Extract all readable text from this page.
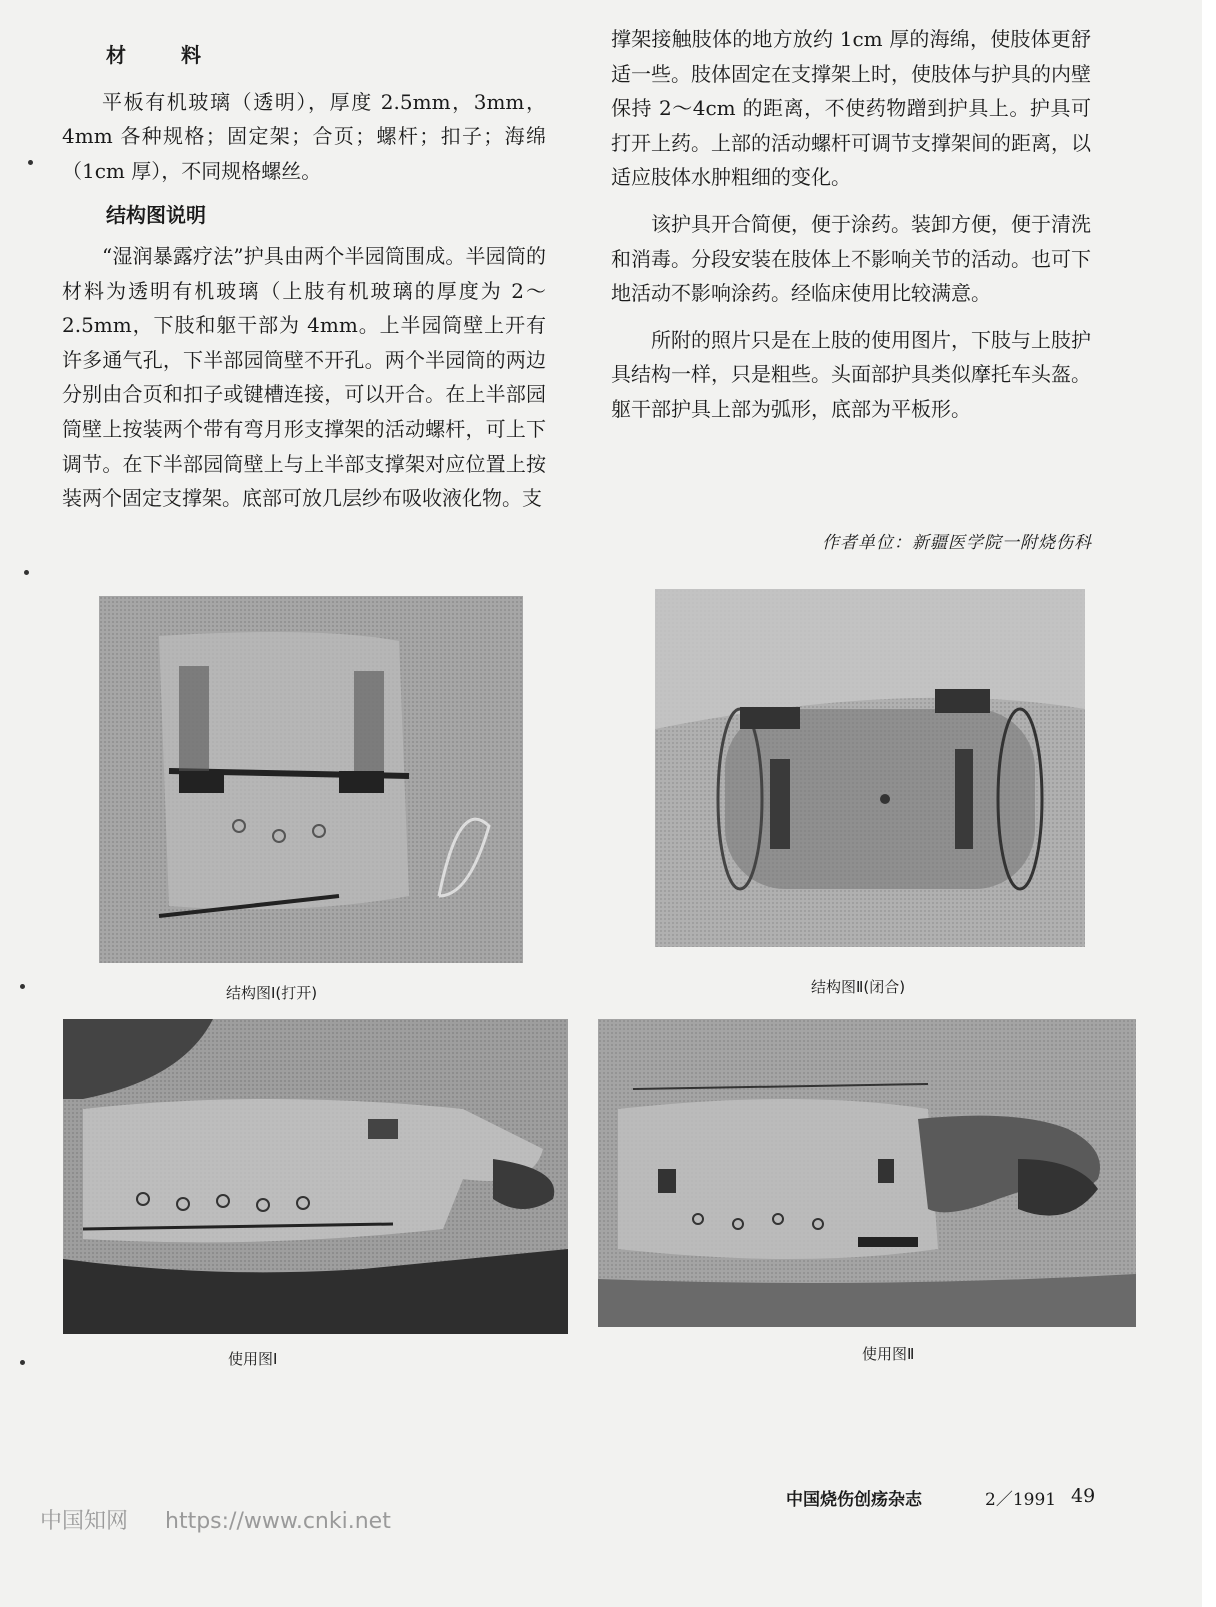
材 料

平板有机玻璃（透明），厚度 2.5mm，3mm，4mm 各种规格；固定架；合页；螺杆；扣子；海绵（1cm 厚），不同规格螺丝。

结构图说明

“湿润暴露疗法”护具由两个半园筒围成。半园筒的材料为透明有机玻璃（上肢有机玻璃的厚度为 2～2.5mm，下肢和躯干部为 4mm。上半园筒壁上开有许多通气孔，下半部园筒壁不开孔。两个半园筒的两边分别由合页和扣子或键槽连接，可以开合。在上半部园筒壁上按装两个带有弯月形支撑架的活动螺杆，可上下调节。在下半部园筒壁上与上半部支撑架对应位置上按装两个固定支撑架。底部可放几层纱布吸收液化物。支

撑架接触肢体的地方放约 1cm 厚的海绵，使肢体更舒适一些。肢体固定在支撑架上时，使肢体与护具的内壁保持 2～4cm 的距离，不使药物蹭到护具上。护具可打开上药。上部的活动螺杆可调节支撑架间的距离，以适应肢体水肿粗细的变化。

该护具开合简便，便于涂药。装卸方便，便于清洗和消毒。分段安装在肢体上不影响关节的活动。也可下地活动不影响涂药。经临床使用比较满意。

所附的照片只是在上肢的使用图片，下肢与上肢护具结构一样，只是粗些。头面部护具类似摩托车头盔。躯干部护具上部为弧形，底部为平板形。

作者单位：新疆医学院一附烧伤科
结构图Ⅰ(打开)	结构图Ⅱ(闭合)
使用图Ⅰ	使用图Ⅱ
中国烧伤创疡杂志	2／1991 49
中国知网 https://www.cnki.net
